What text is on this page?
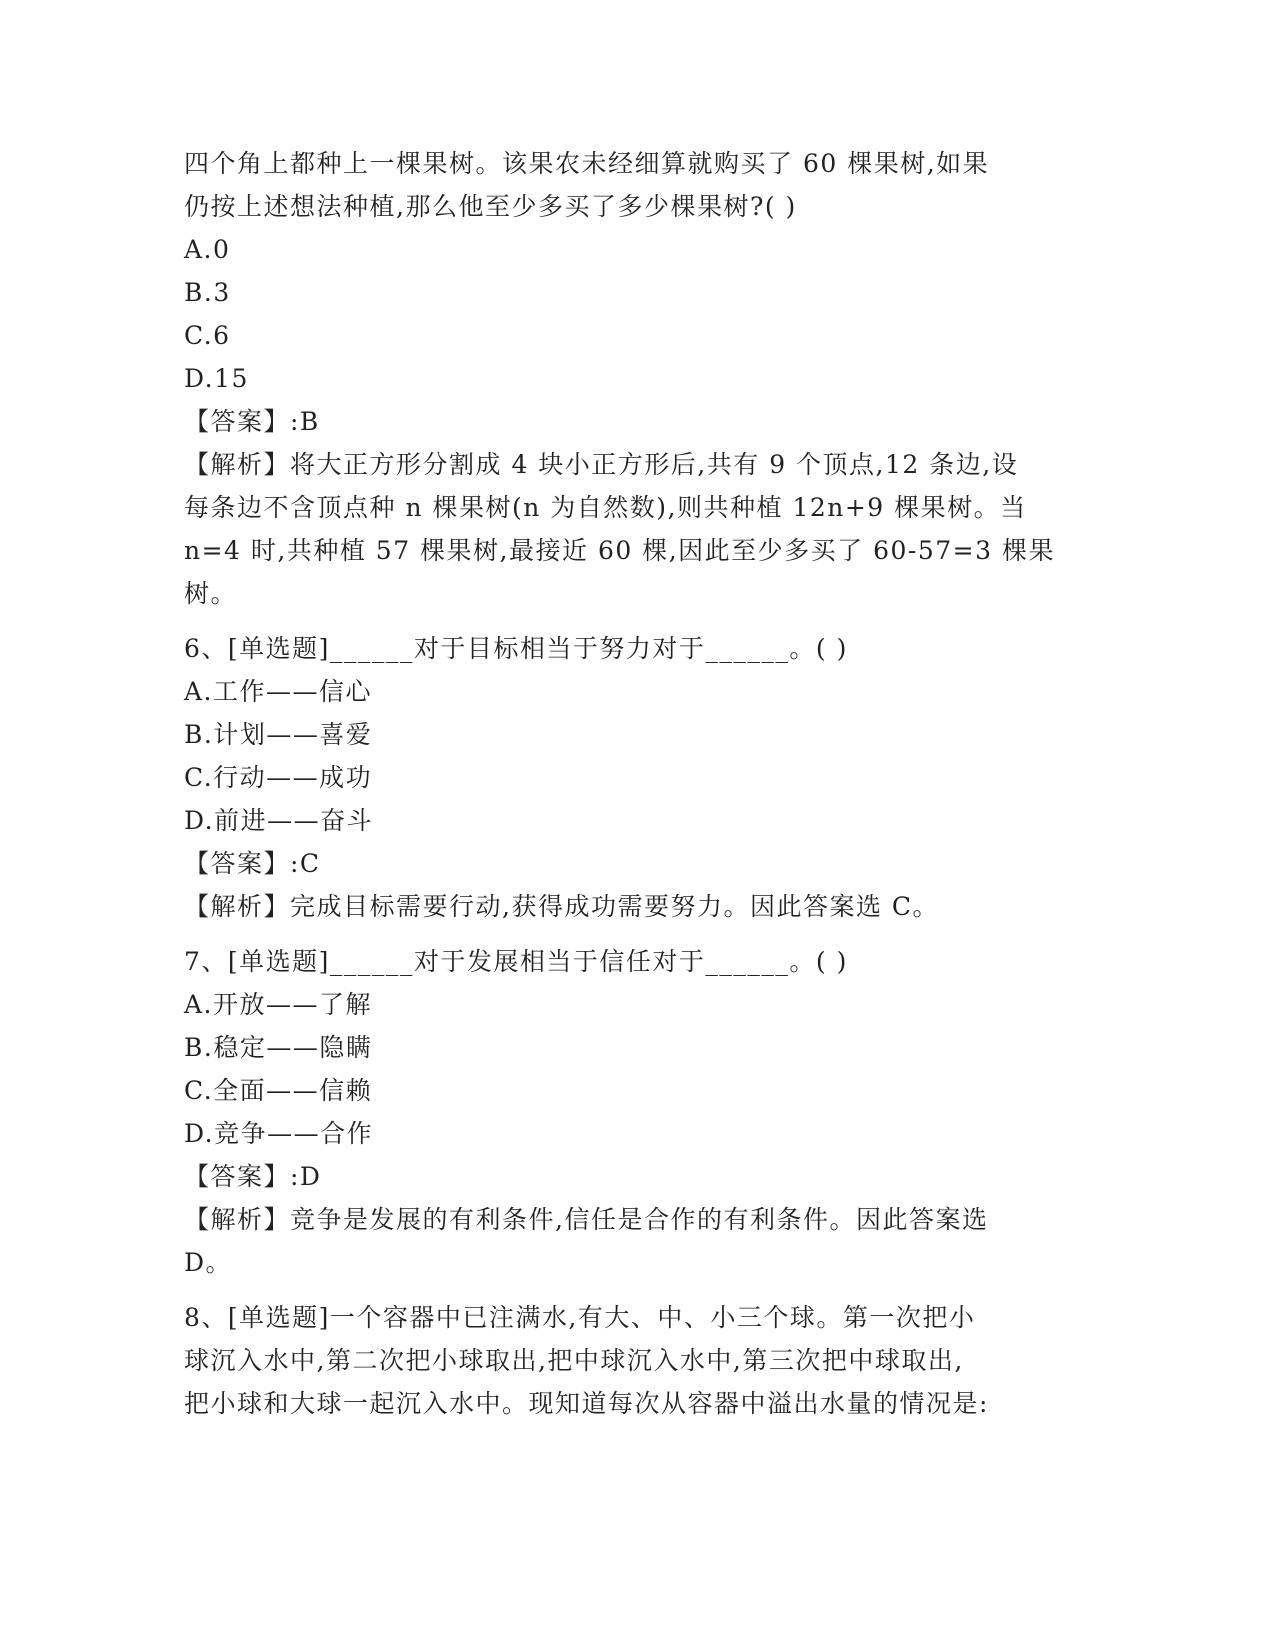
四个角上都种上一棵果树。该果农未经细算就购买了 60 棵果树,如果
仍按上述想法种植,那么他至少多买了多少棵果树?( )
A.0
B.3
C.6
D.15
【答案】:B
【解析】将大正方形分割成 4 块小正方形后,共有 9 个顶点,12 条边,设
每条边不含顶点种 n 棵果树(n 为自然数),则共种植 12n+9 棵果树。当
n=4 时,共种植 57 棵果树,最接近 60 棵,因此至少多买了 60-57=3 棵果
树。
6、[单选题]______对于目标相当于努力对于______。( )
A.工作——信心
B.计划——喜爱
C.行动——成功
D.前进——奋斗
【答案】:C
【解析】完成目标需要行动,获得成功需要努力。因此答案选 C。
7、[单选题]______对于发展相当于信任对于______。( )
A.开放——了解
B.稳定——隐瞒
C.全面——信赖
D.竞争——合作
【答案】:D
【解析】竞争是发展的有利条件,信任是合作的有利条件。因此答案选
D。
8、[单选题]一个容器中已注满水,有大、中、小三个球。第一次把小
球沉入水中,第二次把小球取出,把中球沉入水中,第三次把中球取出,
把小球和大球一起沉入水中。现知道每次从容器中溢出水量的情况是:
